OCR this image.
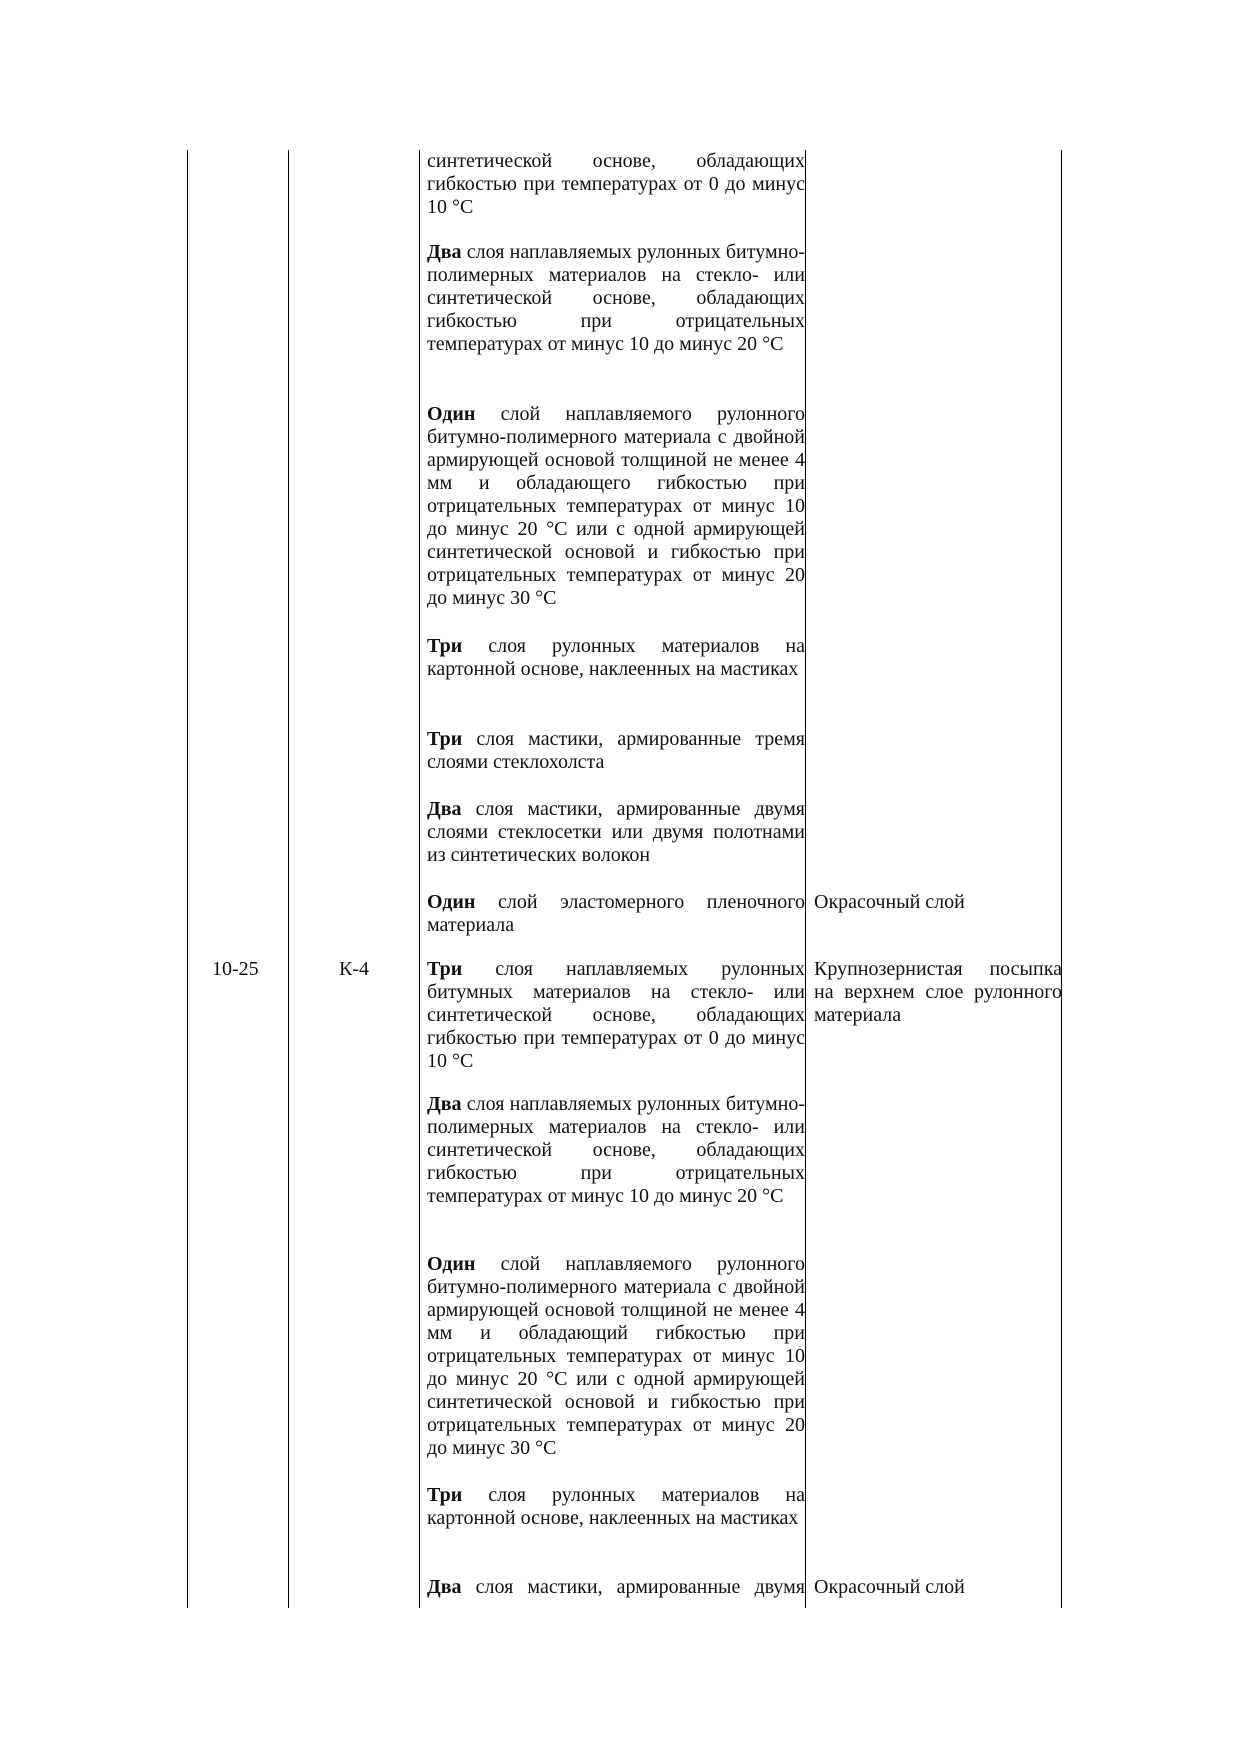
10-25	К-4
синтетической основе, обладающих гибкостью при температурах от 0 до минус 10 °С
Два слоя наплавляемых рулонных битумно-полимерных материалов на стекло- или синтетической основе, обладающих гибкостью при отрицательных температурах от минус 10 до минус 20 °С
Один слой наплавляемого рулонного битумно-полимерного материала с двойной армирующей основой толщиной не менее 4 мм и обладающего гибкостью при отрицательных температурах от минус 10 до минус 20 °С или с одной армирующей синтетической основой и гибкостью при отрицательных температурах от минус 20 до минус 30 °С
Три слоя рулонных материалов на картонной основе, наклеенных на мастиках
Три слоя мастики, армированные тремя слоями стеклохолста
Два слоя мастики, армированные двумя слоями стеклосетки или двумя полотнами из синтетических волокон
Один слой эластомерного пленочного материала
Три слоя наплавляемых рулонных битумных материалов на стекло- или синтетической основе, обладающих гибкостью при температурах от 0 до минус 10 °С
Два слоя наплавляемых рулонных битумно-полимерных материалов на стекло- или синтетической основе, обладающих гибкостью при отрицательных температурах от минус 10 до минус 20 °С
Один слой наплавляемого рулонного битумно-полимерного материала с двойной армирующей основой толщиной не менее 4 мм и обладающий гибкостью при отрицательных температурах от минус 10 до минус 20 °С или с одной армирующей синтетической основой и гибкостью при отрицательных температурах от минус 20 до минус 30 °С
Три слоя рулонных материалов на картонной основе, наклеенных на мастиках
Два слоя мастики, армированные двумя
Окрасочный слой
Крупнозернистая посыпка на верхнем слое рулонного материала
Окрасочный слой
